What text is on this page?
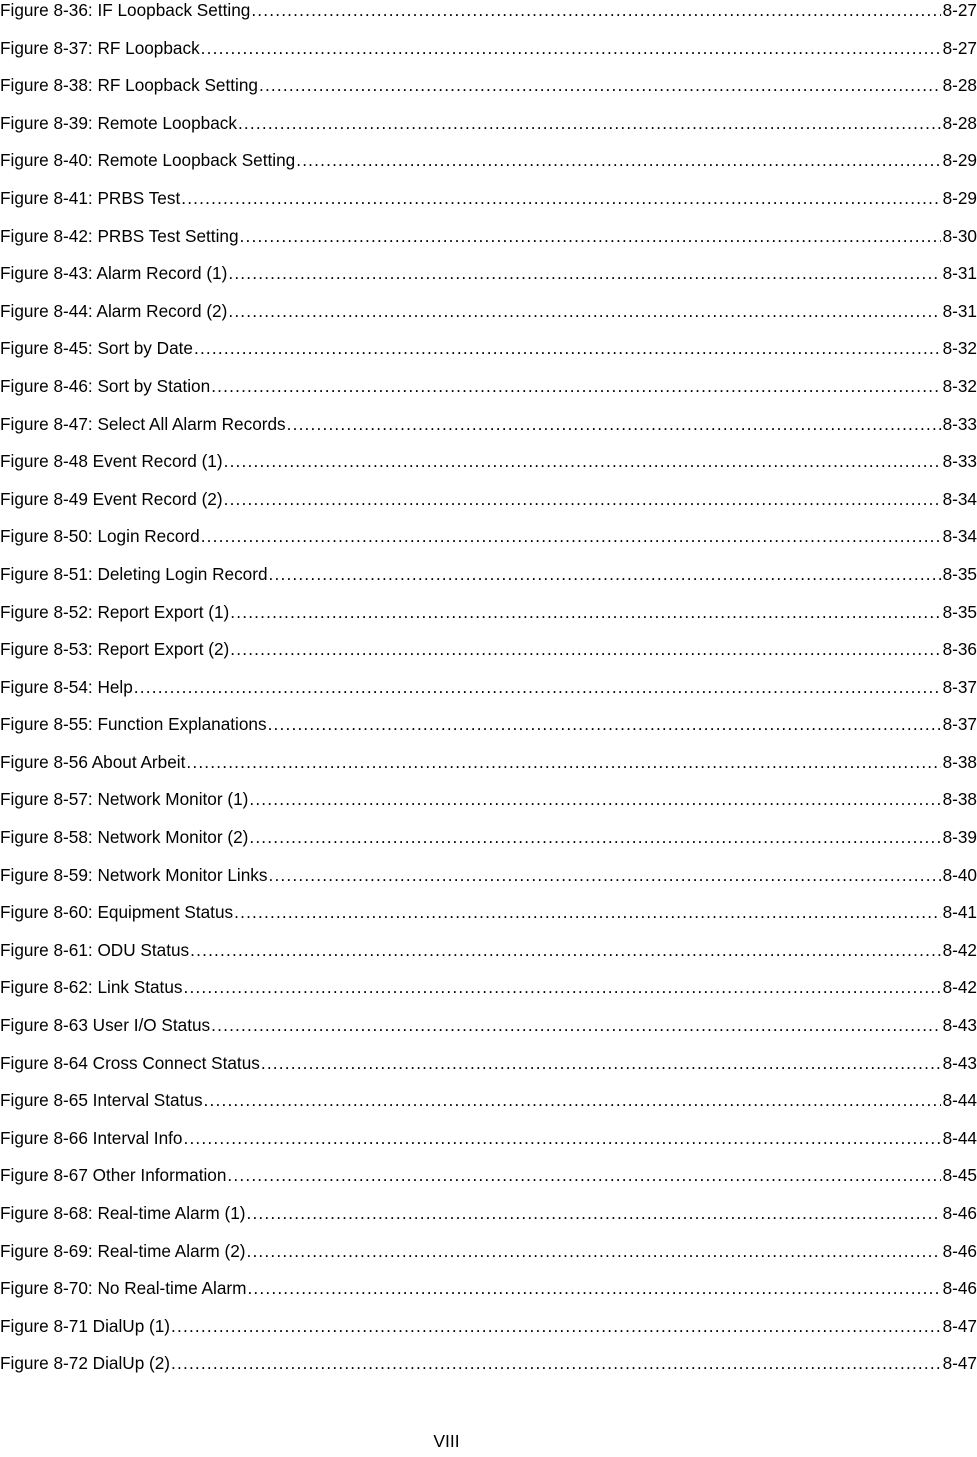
Figure 8-36: IF Loopback Setting .....	8-27
Figure 8-37: RF Loopback .....	8-27
Figure 8-38: RF Loopback Setting .....	8-28
Figure 8-39: Remote Loopback .....	8-28
Figure 8-40: Remote Loopback Setting .....	8-29
Figure 8-41: PRBS Test .....	8-29
Figure 8-42: PRBS Test Setting .....	8-30
Figure 8-43: Alarm Record (1) .....	8-31
Figure 8-44: Alarm Record (2) .....	8-31
Figure 8-45: Sort by Date .....	8-32
Figure 8-46: Sort by Station .....	8-32
Figure 8-47: Select All Alarm Records .....	8-33
Figure 8-48 Event Record (1) .....	8-33
Figure 8-49 Event Record (2) .....	8-34
Figure 8-50: Login Record .....	8-34
Figure 8-51: Deleting Login Record .....	8-35
Figure 8-52: Report Export (1) .....	8-35
Figure 8-53: Report Export (2) .....	8-36
Figure 8-54: Help .....	8-37
Figure 8-55: Function Explanations .....	8-37
Figure 8-56 About Arbeit .....	8-38
Figure 8-57: Network Monitor (1) .....	8-38
Figure 8-58: Network Monitor (2) .....	8-39
Figure 8-59: Network Monitor Links .....	8-40
Figure 8-60: Equipment Status .....	8-41
Figure 8-61: ODU Status .....	8-42
Figure 8-62: Link Status .....	8-42
Figure 8-63 User I/O Status .....	8-43
Figure 8-64 Cross Connect Status .....	8-43
Figure 8-65 Interval Status .....	8-44
Figure 8-66 Interval Info .....	8-44
Figure 8-67 Other Information .....	8-45
Figure 8-68: Real-time Alarm (1) .....	8-46
Figure 8-69: Real-time Alarm (2) .....	8-46
Figure 8-70: No Real-time Alarm .....	8-46
Figure 8-71 DialUp (1) .....	8-47
Figure 8-72 DialUp (2) .....	8-47
VIII
